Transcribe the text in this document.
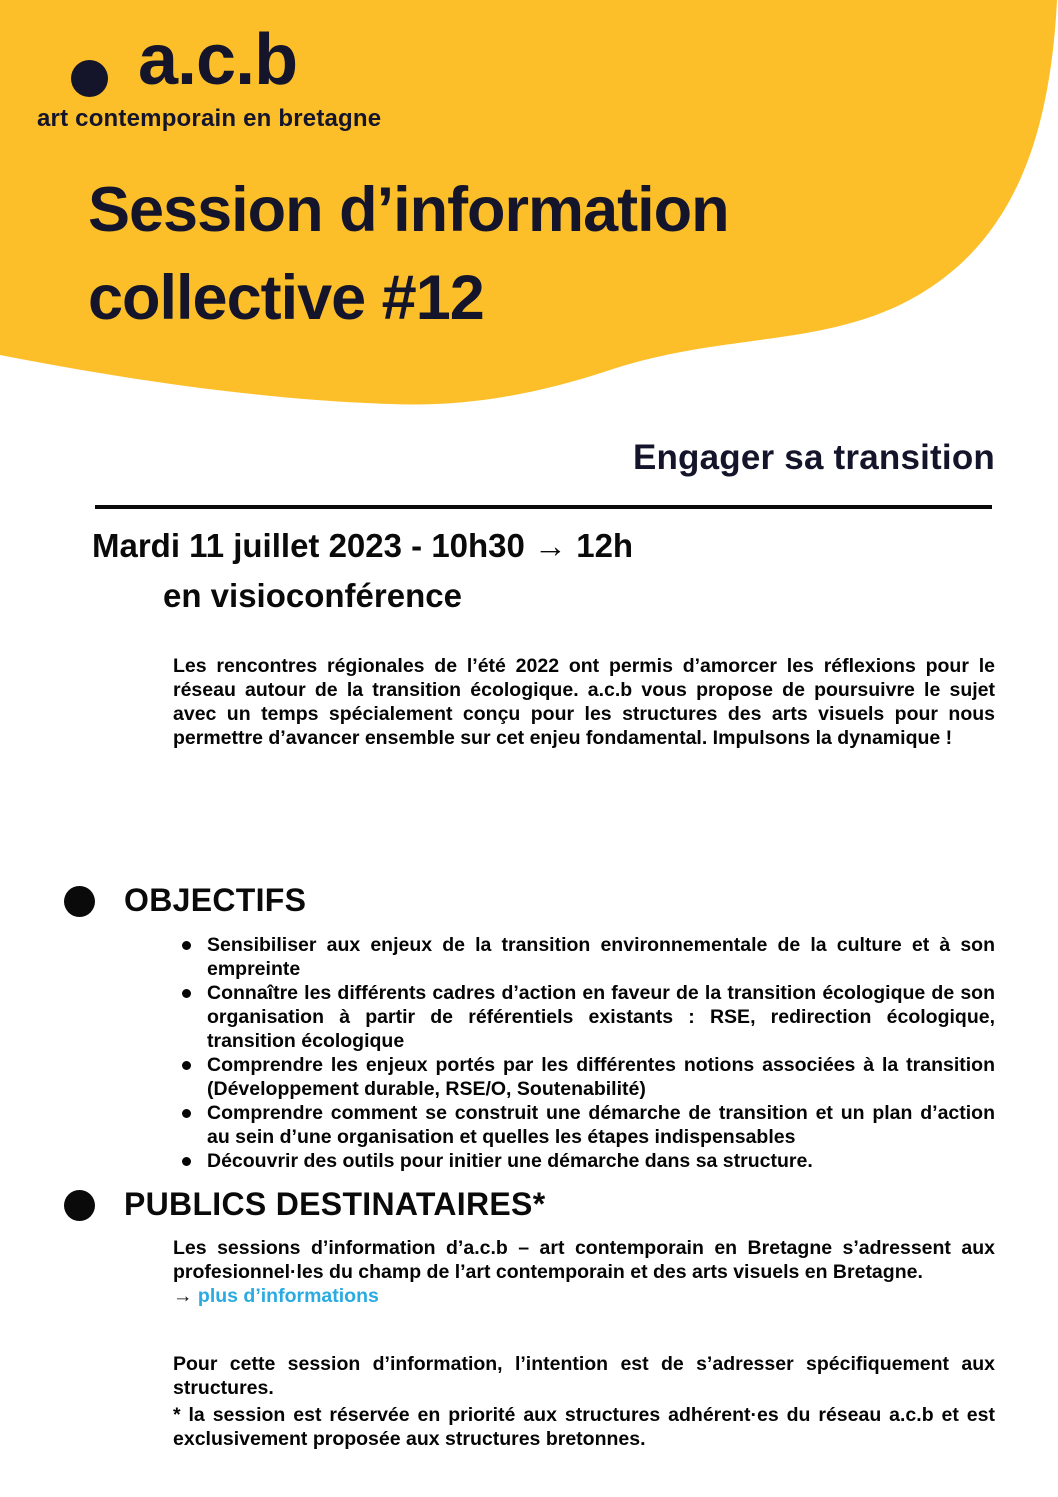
a.c.b
art contemporain en bretagne
Session d’information
collective #12
Engager sa transition
Mardi 11 juillet 2023 - 10h30 → 12h
en visioconférence

Les rencontres régionales de l’été 2022 ont permis d’amorcer les réflexions pour le réseau autour de la transition écologique. a.c.b vous propose de poursuivre le sujet avec un temps spécialement conçu pour les structures des arts visuels pour nous permettre d’avancer ensemble sur cet enjeu fondamental. Impulsons la dynamique !

OBJECTIFS
Sensibiliser aux enjeux de la transition environnementale de la culture et à son empreinte
Connaître les différents cadres d’action en faveur de la transition écologique de son organisation à partir de référentiels existants : RSE, redirection écologique, transition écologique
Comprendre les enjeux portés par les différentes notions associées à la transition (Développement durable, RSE/O, Soutenabilité)
Comprendre comment se construit une démarche de transition et un plan d’action au sein d’une organisation et quelles les étapes indispensables
Découvrir des outils pour initier une démarche dans sa structure.
PUBLICS DESTINATAIRES*
Les sessions d’information d’a.c.b – art contemporain en Bretagne s’adressent aux profesionnel·les du champ de l’art contemporain et des arts visuels en Bretagne.
→ plus d’informations

Pour cette session d’information, l’intention est de s’adresser spécifiquement aux structures.

* la session est réservée en priorité aux structures adhérent·es du réseau a.c.b et est exclusivement proposée aux structures bretonnes.
